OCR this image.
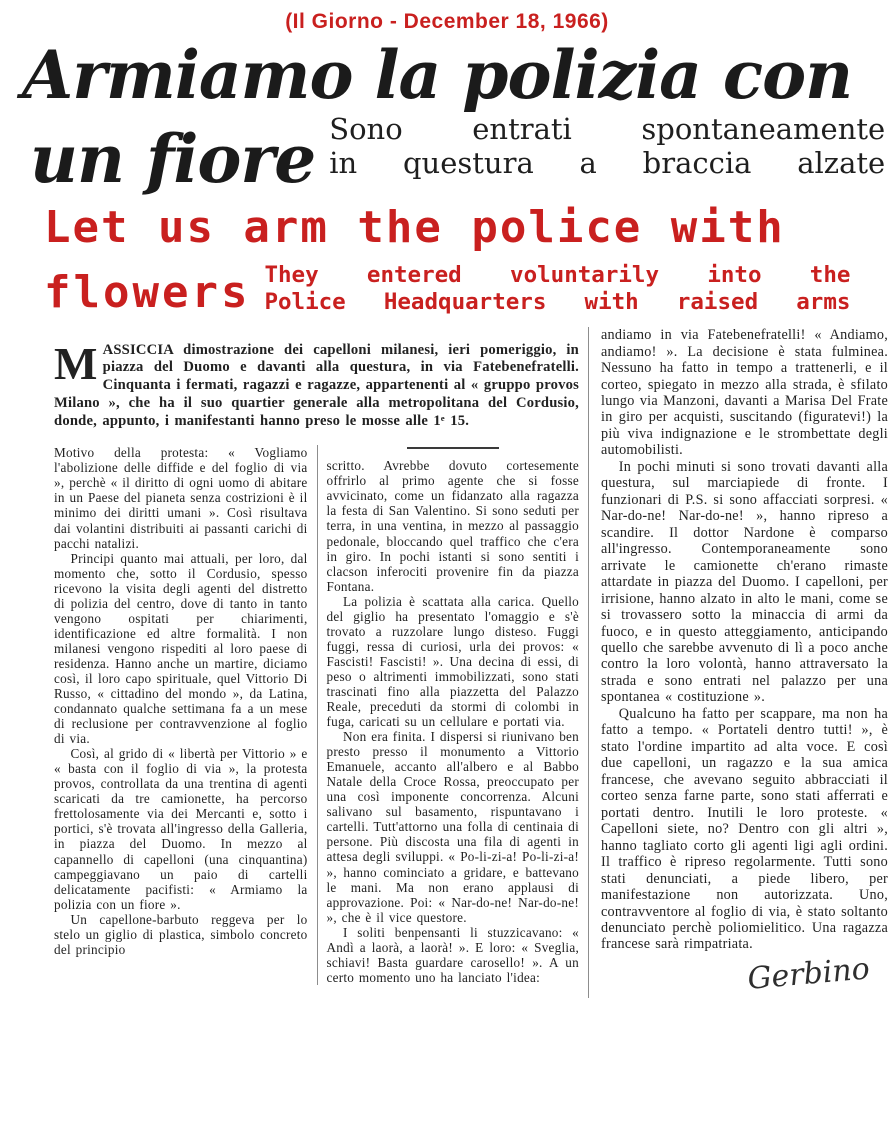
(Il Giorno - December 18, 1966)
Armiamo la polizia con
un fiore Sono entrati spontaneamente
in questura a braccia alzate
Let us arm the police with
flowers They entered voluntarily into the
Police Headquarters with raised arms

MASSICCIA dimostrazione dei capelloni milanesi, ieri pomeriggio, in piazza del Duomo e davanti alla questura, in via Fatebenefratelli. Cinquanta i fermati, ragazzi e ragazze, appartenenti al « gruppo provos Milano », che ha il suo quartier generale alla metropolitana del Cordusio, donde, appunto, i manifestanti hanno preso le mosse alle 1ᵉ 15.

Motivo della protesta: « Vogliamo l'abolizione delle diffide e del foglio di via », perchè « il diritto di ogni uomo di abitare in un Paese del pianeta senza costrizioni è il minimo dei diritti umani ». Così risultava dai volantini distribuiti ai passanti carichi di pacchi natalizi.

Principi quanto mai attuali, per loro, dal momento che, sotto il Cordusio, spesso ricevono la visita degli agenti del distretto di polizia del centro, dove di tanto in tanto vengono ospitati per chiarimenti, identificazione ed altre formalità. I non milanesi vengono rispediti al loro paese di residenza. Hanno anche un martire, diciamo così, il loro capo spirituale, quel Vittorio Di Russo, « cittadino del mondo », da Latina, condannato qualche settimana fa a un mese di reclusione per contravvenzione al foglio di via.

Così, al grido di « libertà per Vittorio » e « basta con il foglio di via », la protesta provos, controllata da una trentina di agenti scaricati da tre camionette, ha percorso frettolosamente via dei Mercanti e, sotto i portici, s'è trovata all'ingresso della Galleria, in piazza del Duomo. In mezzo al capannello di capelloni (una cinquantina) campeggiavano un paio di cartelli delicatamente pacifisti: « Armiamo la polizia con un fiore ».

Un capellone-barbuto reggeva per lo stelo un giglio di plastica, simbolo concreto del principio

scritto. Avrebbe dovuto cortesemente offrirlo al primo agente che si fosse avvicinato, come un fidanzato alla ragazza la festa di San Valentino. Si sono seduti per terra, in una ventina, in mezzo al passaggio pedonale, bloccando quel traffico che c'era in giro. In pochi istanti si sono sentiti i clacson inferociti provenire fin da piazza Fontana.

La polizia è scattata alla carica. Quello del giglio ha presentato l'omaggio e s'è trovato a ruzzolare lungo disteso. Fuggi fuggi, ressa di curiosi, urla dei provos: « Fascisti! Fascisti! ». Una decina di essi, di peso o altrimenti immobilizzati, sono stati trascinati fino alla piazzetta del Palazzo Reale, preceduti da stormi di colombi in fuga, caricati su un cellulare e portati via.

Non era finita. I dispersi si riunivano ben presto presso il monumento a Vittorio Emanuele, accanto all'albero e al Babbo Natale della Croce Rossa, preoccupato per una così imponente concorrenza. Alcuni salivano sul basamento, rispuntavano i cartelli. Tutt'attorno una folla di centinaia di persone. Più discosta una fila di agenti in attesa degli sviluppi. « Po-li-zi-a! Po-li-zi-a! », hanno cominciato a gridare, e battevano le mani. Ma non erano applausi di approvazione. Poi: « Nar-do-ne! Nar-do-ne! », che è il vice questore.

I soliti benpensanti li stuzzicavano: « Andì a laorà, a laorà! ». E loro: « Sveglia, schiavi! Basta guardare carosello! ». A un certo momento uno ha lanciato l'idea:

andiamo in via Fatebenefratelli! « Andiamo, andiamo! ». La decisione è stata fulminea. Nessuno ha fatto in tempo a trattenerli, e il corteo, spiegato in mezzo alla strada, è sfilato lungo via Manzoni, davanti a Marisa Del Frate in giro per acquisti, suscitando (figuratevi!) la più viva indignazione e le strombettate degli automobilisti.

In pochi minuti si sono trovati davanti alla questura, sul marciapiede di fronte. I funzionari di P.S. si sono affacciati sorpresi. « Nar-do-ne! Nar-do-ne! », hanno ripreso a scandire. Il dottor Nardone è comparso all'ingresso. Contemporaneamente sono arrivate le camionette ch'erano rimaste attardate in piazza del Duomo. I capelloni, per irrisione, hanno alzato in alto le mani, come se si trovassero sotto la minaccia di armi da fuoco, e in questo atteggiamento, anticipando quello che sarebbe avvenuto di lì a poco anche contro la loro volontà, hanno attraversato la strada e sono entrati nel palazzo per una spontanea « costituzione ».

Qualcuno ha fatto per scappare, ma non ha fatto a tempo. « Portateli dentro tutti! », è stato l'ordine impartito ad alta voce. E così due capelloni, un ragazzo e la sua amica francese, che avevano seguito abbracciati il corteo senza farne parte, sono stati afferrati e portati dentro. Inutili le loro proteste. « Capelloni siete, no? Dentro con gli altri », hanno tagliato corto gli agenti ligi agli ordini. Il traffico è ripreso regolarmente. Tutti sono stati denunciati, a piede libero, per manifestazione non autorizzata. Uno, contravventore al foglio di via, è stato soltanto denunciato perchè poliomielitico. Una ragazza francese sarà rimpatriata.

Gerbino
